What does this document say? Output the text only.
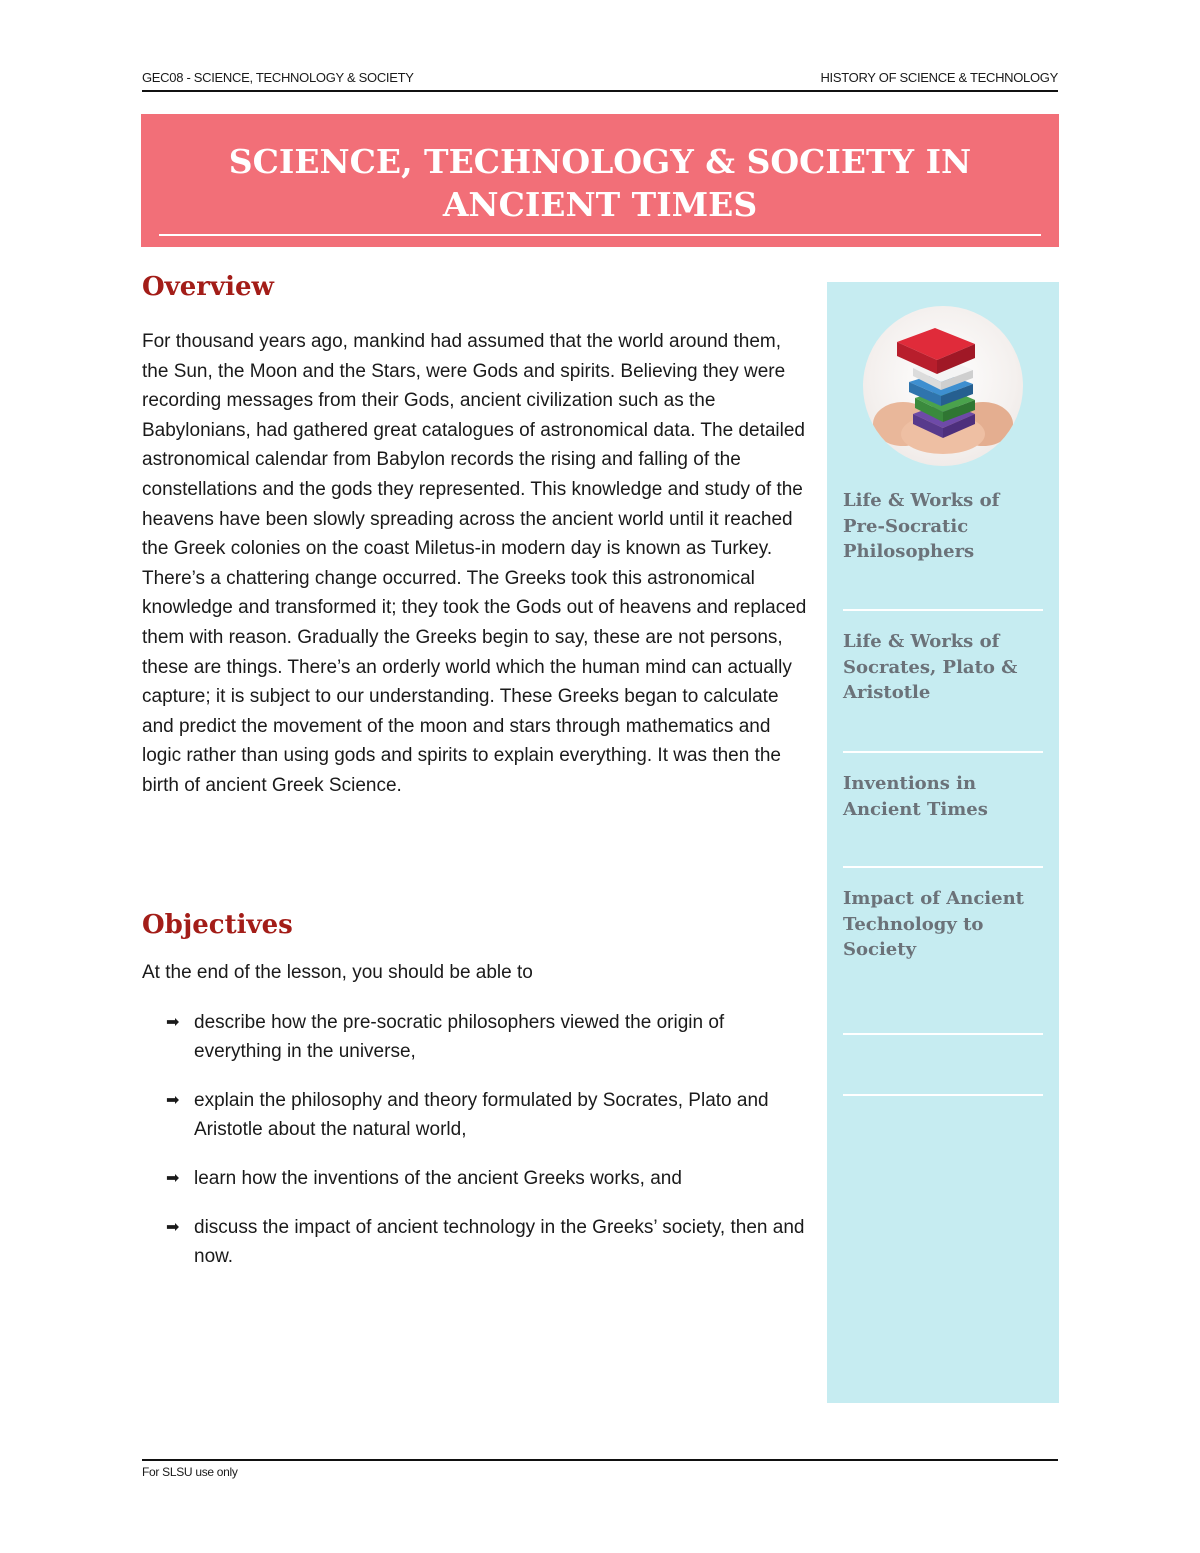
GEC08 - SCIENCE, TECHNOLOGY & SOCIETY	HISTORY OF SCIENCE & TECHNOLOGY
SCIENCE, TECHNOLOGY & SOCIETY IN
ANCIENT TIMES
Overview
For thousand years ago, mankind had assumed that the world around them, the Sun, the Moon and the Stars, were Gods and spirits. Believing they were recording messages from their Gods, ancient civilization such as the Babylonians, had gathered great catalogues of astronomical data. The detailed astronomical calendar from Babylon records the rising and falling of the constellations and the gods they represented. This knowledge and study of the heavens have been slowly spreading across the ancient world until it reached the Greek colonies on the coast Miletus-in modern day is known as Turkey. There’s a chattering change occurred. The Greeks took this astronomical knowledge and transformed it; they took the Gods out of heavens and replaced them with reason. Gradually the Greeks begin to say, these are not persons, these are things. There’s an orderly world which the human mind can actually capture; it is subject to our understanding. These Greeks began to calculate and predict the movement of the moon and stars through mathematics and logic rather than using gods and spirits to explain everything. It was then the birth of ancient Greek Science.
Objectives
At the end of the lesson, you should be able to
➡ describe how the pre-socratic philosophers viewed the origin of everything in the universe,
➡ explain the philosophy and theory formulated by Socrates, Plato and Aristotle about the natural world,
➡ learn how the inventions of the ancient Greeks works, and
➡ discuss the impact of ancient technology in the Greeks’ society, then and now.
Life & Works of Pre-Socratic Philosophers
Life & Works of Socrates, Plato & Aristotle
Inventions in Ancient Times
Impact of Ancient Technology to Society
For SLSU use only
